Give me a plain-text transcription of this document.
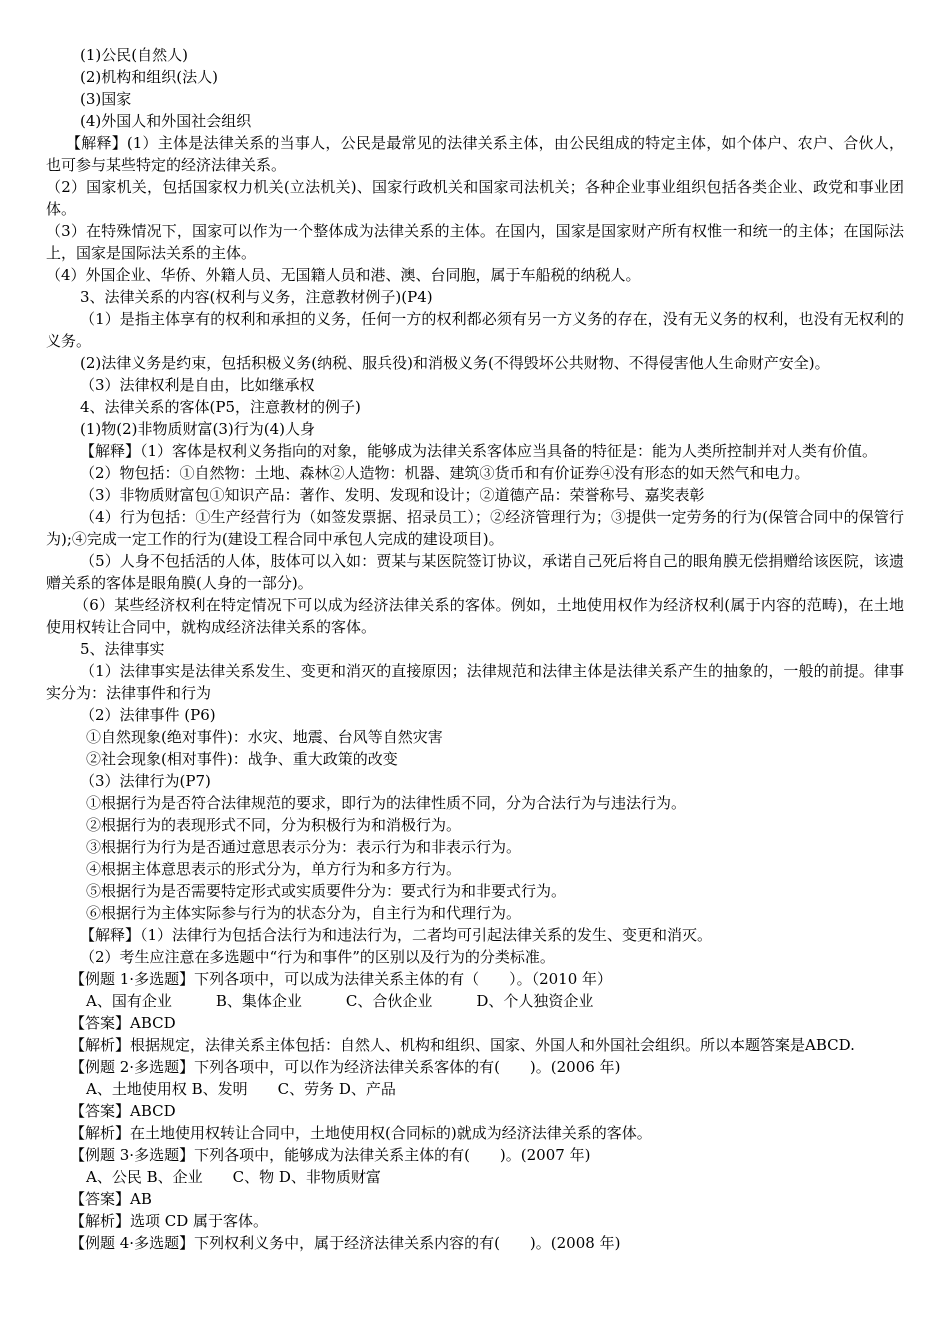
(1)公民(自然人)

(2)机构和组织(法人)

(3)国家

(4)外国人和外国社会组织

【解释】(1）主体是法律关系的当事人，公民是最常见的法律关系主体，由公民组成的特定主体，如个体户、农户、合伙人，也可参与某些特定的经济法律关系。

（2）国家机关，包括国家权力机关(立法机关)、国家行政机关和国家司法机关；各种企业事业组织包括各类企业、政党和事业团体。

（3）在特殊情况下，国家可以作为一个整体成为法律关系的主体。在国内，国家是国家财产所有权惟一和统一的主体；在国际法上，国家是国际法关系的主体。

（4）外国企业、华侨、外籍人员、无国籍人员和港、澳、台同胞，属于车船税的纳税人。

3、法律关系的内容(权利与义务，注意教材例子)(P4)

（1）是指主体享有的权利和承担的义务，任何一方的权利都必须有另一方义务的存在，没有无义务的权利，也没有无权利的义务。

(2)法律义务是约束，包括积极义务(纳税、服兵役)和消极义务(不得毁坏公共财物、不得侵害他人生命财产安全)。

（3）法律权利是自由，比如继承权

4、法律关系的客体(P5，注意教材的例子)

(1)物(2)非物质财富(3)行为(4)人身

【解释】（1）客体是权利义务指向的对象，能够成为法律关系客体应当具备的特征是：能为人类所控制并对人类有价值。

（2）物包括：①自然物：土地、森林②人造物：机器、建筑③货币和有价证券④没有形态的如天然气和电力。

（3）非物质财富包①知识产品：著作、发明、发现和设计；②道德产品：荣誉称号、嘉奖表彰

（4）行为包括：①生产经营行为（如签发票据、招录员工）；②经济管理行为；③提供一定劳务的行为(保管合同中的保管行为);④完成一定工作的行为(建设工程合同中承包人完成的建设项目)。

（5）人身不包括活的人体，肢体可以入如：贾某与某医院签订协议，承诺自己死后将自己的眼角膜无偿捐赠给该医院，该遗赠关系的客体是眼角膜(人身的一部分)。

（6）某些经济权利在特定情况下可以成为经济法律关系的客体。例如，土地使用权作为经济权利(属于内容的范畴)，在土地使用权转让合同中，就构成经济法律关系的客体。

5、法律事实

（1）法律事实是法律关系发生、变更和消灭的直接原因；法律规范和法律主体是法律关系产生的抽象的，一般的前提。律事实分为：法律事件和行为

（2）法律事件 (P6)

①自然现象(绝对事件)：水灾、地震、台风等自然灾害

②社会现象(相对事件)：战争、重大政策的改变

（3）法律行为(P7)

①根据行为是否符合法律规范的要求，即行为的法律性质不同，分为合法行为与违法行为。

②根据行为的表现形式不同，分为积极行为和消极行为。

③根据行为行为是否通过意思表示分为：表示行为和非表示行为。

④根据主体意思表示的形式分为，单方行为和多方行为。

⑤根据行为是否需要特定形式或实质要件分为：要式行为和非要式行为。

⑥根据行为主体实际参与行为的状态分为，自主行为和代理行为。

【解释】（1）法律行为包括合法行为和违法行为，二者均可引起法律关系的发生、变更和消灭。

（2）考生应注意在多选题中“行为和事件”的区别以及行为的分类标准。

【例题 1·多选题】下列各项中，可以成为法律关系主体的有（　　）。（2010 年）

A、国有企业	B、集体企业	C、合伙企业	D、个人独资企业

【答案】ABCD

【解析】根据规定，法律关系主体包括：自然人、机构和组织、国家、外国人和外国社会组织。所以本题答案是ABCD.

【例题 2·多选题】下列各项中，可以作为经济法律关系客体的有(　　)。(2006 年)

A、土地使用权 B、发明　　C、劳务 D、产品

【答案】ABCD

【解析】在土地使用权转让合同中，土地使用权(合同标的)就成为经济法律关系的客体。

【例题 3·多选题】下列各项中，能够成为法律关系主体的有(　　)。(2007 年)

A、公民 B、企业　　C、物 D、非物质财富

【答案】AB

【解析】选项 CD 属于客体。

【例题 4·多选题】下列权利义务中，属于经济法律关系内容的有(　　)。(2008 年)
